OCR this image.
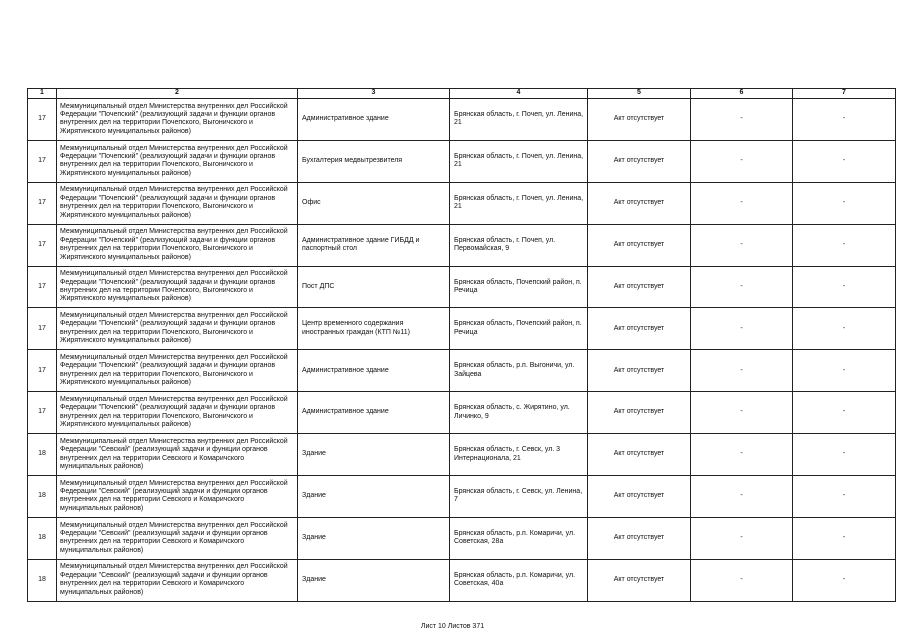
1	2	3	4	5	6	7
17	Межмуниципальный отдел Министерства внутренних дел Российской Федерации "Почепский" (реализующий задачи и функции органов внутренних дел на территории Почепского, Выгоничского и Жирятинского муниципальных районов)	Административное здание	Брянская область, г. Почеп, ул. Ленина, 21	Акт отсутствует	-	-
17	Межмуниципальный отдел Министерства внутренних дел Российской Федерации "Почепский" (реализующий задачи и функции органов внутренних дел на территории Почепского, Выгоничского и Жирятинского муниципальных районов)	Бухгалтерия медвытрезвителя	Брянская область, г. Почеп, ул. Ленина, 21	Акт отсутствует	-	-
17	Межмуниципальный отдел Министерства внутренних дел Российской Федерации "Почепский" (реализующий задачи и функции органов внутренних дел на территории Почепского, Выгоничского и Жирятинского муниципальных районов)	Офис	Брянская область, г. Почеп, ул. Ленина, 21	Акт отсутствует	-	-
17	Межмуниципальный отдел Министерства внутренних дел Российской Федерации "Почепский" (реализующий задачи и функции органов внутренних дел на территории Почепского, Выгоничского и Жирятинского муниципальных районов)	Административное здание ГИБДД и паспортный стол	Брянская область, г. Почеп, ул. Первомайская, 9	Акт отсутствует	-	-
17	Межмуниципальный отдел Министерства внутренних дел Российской Федерации "Почепский" (реализующий задачи и функции органов внутренних дел на территории Почепского, Выгоничского и Жирятинского муниципальных районов)	Пост ДПС	Брянская область, Почепский район, п. Речица	Акт отсутствует	-	-
17	Межмуниципальный отдел Министерства внутренних дел Российской Федерации "Почепский" (реализующий задачи и функции органов внутренних дел на территории Почепского, Выгоничского и Жирятинского муниципальных районов)	Центр временного содержания иностранных граждан (КТП №11)	Брянская область, Почепский район, п. Речица	Акт отсутствует	-	-
17	Межмуниципальный отдел Министерства внутренних дел Российской Федерации "Почепский" (реализующий задачи и функции органов внутренних дел на территории Почепского, Выгоничского и Жирятинского муниципальных районов)	Административное здание	Брянская область, р.п. Выгоничи, ул. Зайцева	Акт отсутствует	-	-
17	Межмуниципальный отдел Министерства внутренних дел Российской Федерации "Почепский" (реализующий задачи и функции органов внутренних дел на территории Почепского, Выгоничского и Жирятинского муниципальных районов)	Административное здание	Брянская область, с. Жирятино, ул. Личинко, 9	Акт отсутствует	-	-
18	Межмуниципальный отдел Министерства внутренних дел Российской Федерации "Севский" (реализующий задачи и функции органов внутренних дел на территории Севского и Комаричского муниципальных районов)	Здание	Брянская область, г. Севск, ул. 3 Интернационала, 21	Акт отсутствует	-	-
18	Межмуниципальный отдел Министерства внутренних дел Российской Федерации "Севский" (реализующий задачи и функции органов внутренних дел на территории Севского и Комаричского муниципальных районов)	Здание	Брянская область, г. Севск, ул. Ленина, 7	Акт отсутствует	-	-
18	Межмуниципальный отдел Министерства внутренних дел Российской Федерации "Севский" (реализующий задачи и функции органов внутренних дел на территории Севского и Комаричского муниципальных районов)	Здание	Брянская область, р.п. Комаричи, ул. Советская, 28а	Акт отсутствует	-	-
18	Межмуниципальный отдел Министерства внутренних дел Российской Федерации "Севский" (реализующий задачи и функции органов внутренних дел на территории Севского и Комаричского муниципальных районов)	Здание	Брянская область, р.п. Комаричи, ул. Советская, 40а	Акт отсутствует	-	-
Лист 10 Листов 371
